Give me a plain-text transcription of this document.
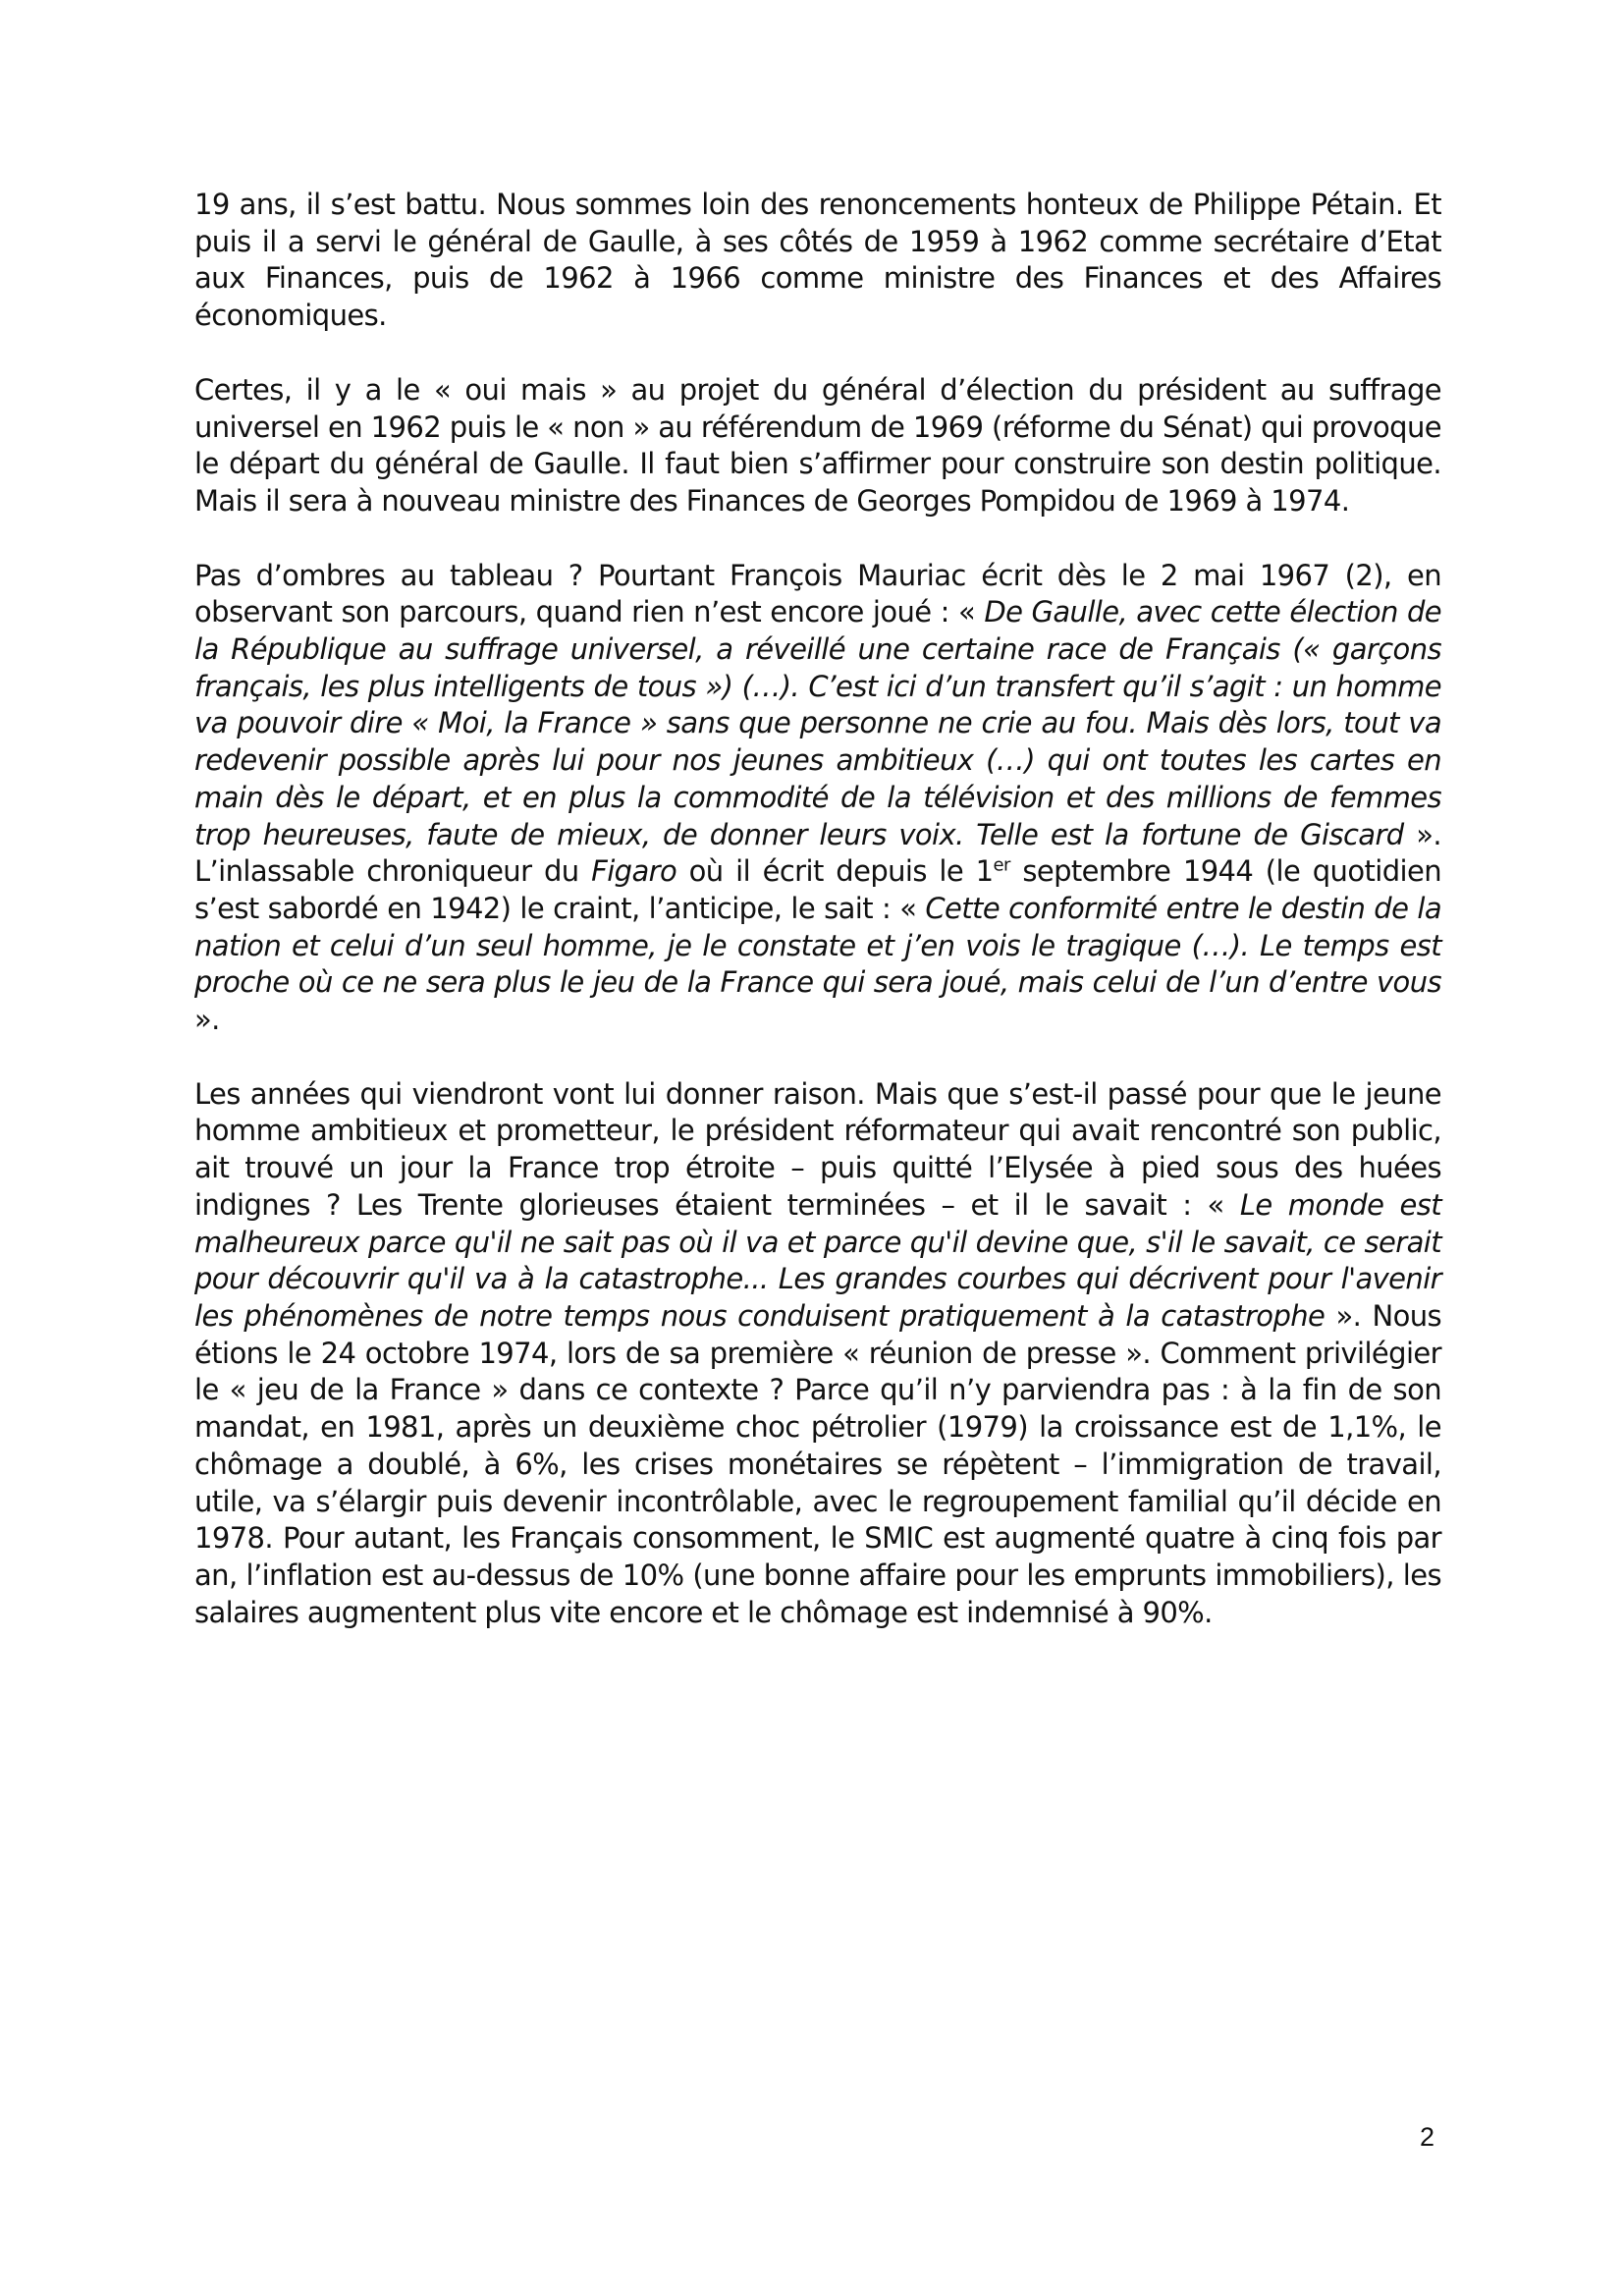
19 ans, il s’est battu. Nous sommes loin des renoncements honteux de Philippe Pétain. Et puis il a servi le général de Gaulle, à ses côtés de 1959 à 1962 comme secrétaire d’Etat aux Finances, puis de 1962 à 1966 comme ministre des Finances et des Affaires économiques.

Certes, il y a le « oui mais » au projet du général d’élection du président au suffrage universel en 1962 puis le « non » au référendum de 1969 (réforme du Sénat) qui provoque le départ du général de Gaulle. Il faut bien s’affirmer pour construire son destin politique. Mais il sera à nouveau ministre des Finances de Georges Pompidou de 1969 à 1974.

Pas d’ombres au tableau ? Pourtant François Mauriac écrit dès le 2 mai 1967 (2), en observant son parcours, quand rien n’est encore joué : « De Gaulle, avec cette élection de la République au suffrage universel, a réveillé une certaine race de Français (« garçons français, les plus intelligents de tous ») (…). C’est ici d’un transfert qu’il s’agit : un homme va pouvoir dire « Moi, la France » sans que personne ne crie au fou. Mais dès lors, tout va redevenir possible après lui pour nos jeunes ambitieux (…) qui ont toutes les cartes en main dès le départ, et en plus la commodité de la télévision et des millions de femmes trop heureuses, faute de mieux, de donner leurs voix. Telle est la fortune de Giscard ». L’inlassable chroniqueur du Figaro où il écrit depuis le 1er septembre 1944 (le quotidien s’est sabordé en 1942) le craint, l’anticipe, le sait : « Cette conformité entre le destin de la nation et celui d’un seul homme, je le constate et j’en vois le tragique (…). Le temps est proche où ce ne sera plus le jeu de la France qui sera joué, mais celui de l’un d’entre vous ».

Les années qui viendront vont lui donner raison. Mais que s’est-il passé pour que le jeune homme ambitieux et prometteur, le président réformateur qui avait rencontré son public, ait trouvé un jour la France trop étroite – puis quitté l’Elysée à pied sous des huées indignes ? Les Trente glorieuses étaient terminées – et il le savait : « Le monde est malheureux parce qu'il ne sait pas où il va et parce qu'il devine que, s'il le savait, ce serait pour découvrir qu'il va à la catastrophe... Les grandes courbes qui décrivent pour l'avenir les phénomènes de notre temps nous conduisent pratiquement à la catastrophe ». Nous étions le 24 octobre 1974, lors de sa première « réunion de presse ». Comment privilégier le « jeu de la France » dans ce contexte ? Parce qu’il n’y parviendra pas : à la fin de son mandat, en 1981, après un deuxième choc pétrolier (1979) la croissance est de 1,1%, le chômage a doublé, à 6%, les crises monétaires se répètent – l’immigration de travail, utile, va s’élargir puis devenir incontrôlable, avec le regroupement familial qu’il décide en 1978. Pour autant, les Français consomment, le SMIC est augmenté quatre à cinq fois par an, l’inflation est au-dessus de 10% (une bonne affaire pour les emprunts immobiliers), les salaires augmentent plus vite encore et le chômage est indemnisé à 90%.

2
